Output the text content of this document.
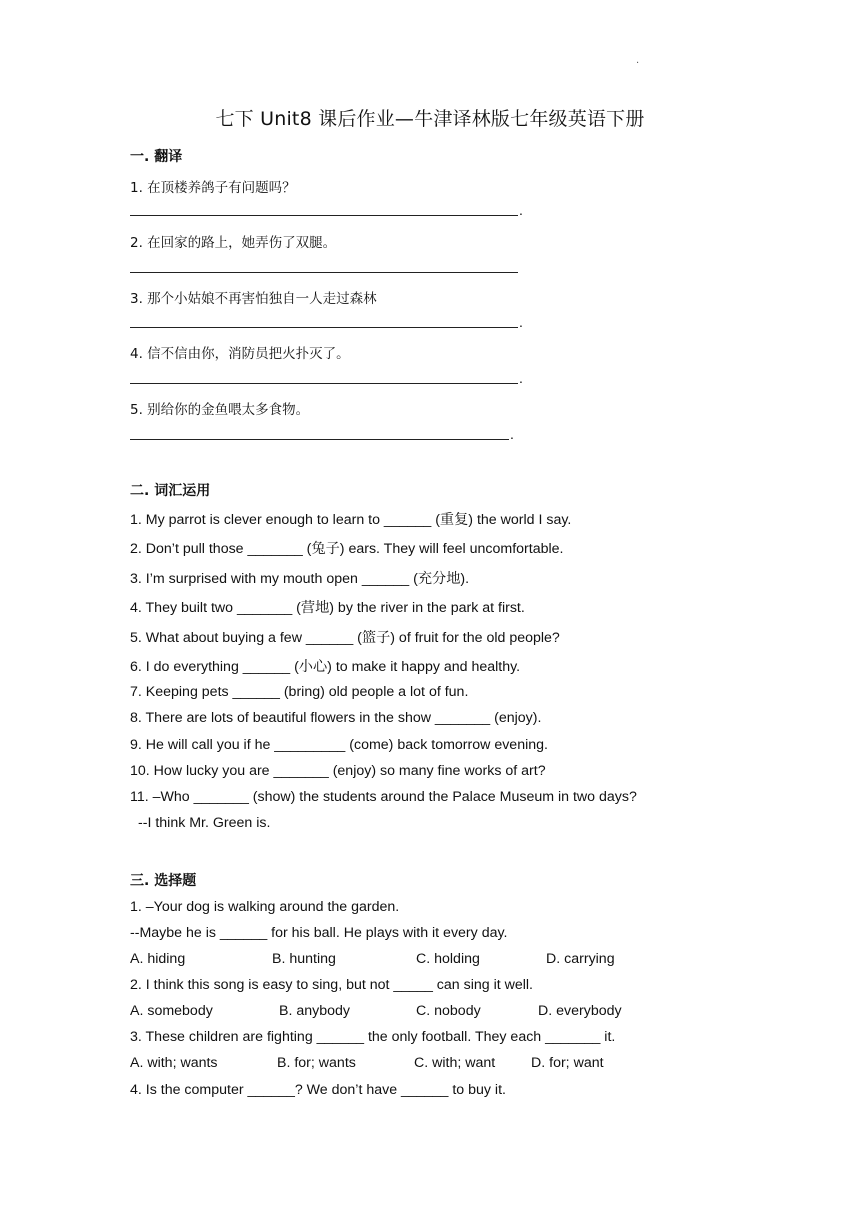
·
七下 Unit8 课后作业—牛津译林版七年级英语下册
一. 翻译
1. 在顶楼养鸽子有问题吗？
.
2. 在回家的路上，她弄伤了双腿。
3. 那个小姑娘不再害怕独自一人走过森林
.
4. 信不信由你，消防员把火扑灭了。
.
5. 别给你的金鱼喂太多食物。
.
二. 词汇运用
1. My parrot is clever enough to learn to ______ (重复) the world I say.
2. Don’t pull those _______ (兔子) ears. They will feel uncomfortable.
3. I’m surprised with my mouth open ______ (充分地).
4. They built two _______ (营地) by the river in the park at first.
5. What about buying a few ______ (篮子) of fruit for the old people?
6. I do everything ______ (小心) to make it happy and healthy.
7. Keeping pets ______ (bring) old people a lot of fun.
8. There are lots of beautiful flowers in the show _______ (enjoy).
9. He will call you if he _________ (come) back tomorrow evening.
10. How lucky you are _______ (enjoy) so many fine works of art?
11. –Who _______ (show) the students around the Palace Museum in two days?
--I think Mr. Green is.
三. 选择题
1. –Your dog is walking around the garden.
--Maybe he is ______ for his ball. He plays with it every day.
A. hiding	B. hunting	C. holding	D. carrying
2. I think this song is easy to sing, but not _____ can sing it well.
A. somebody	B. anybody	C. nobody	D. everybody
3. These children are fighting ______ the only football. They each _______ it.
A. with; wants	B. for; wants	C. with; want	D. for; want
4. Is the computer ______? We don’t have ______ to buy it.
